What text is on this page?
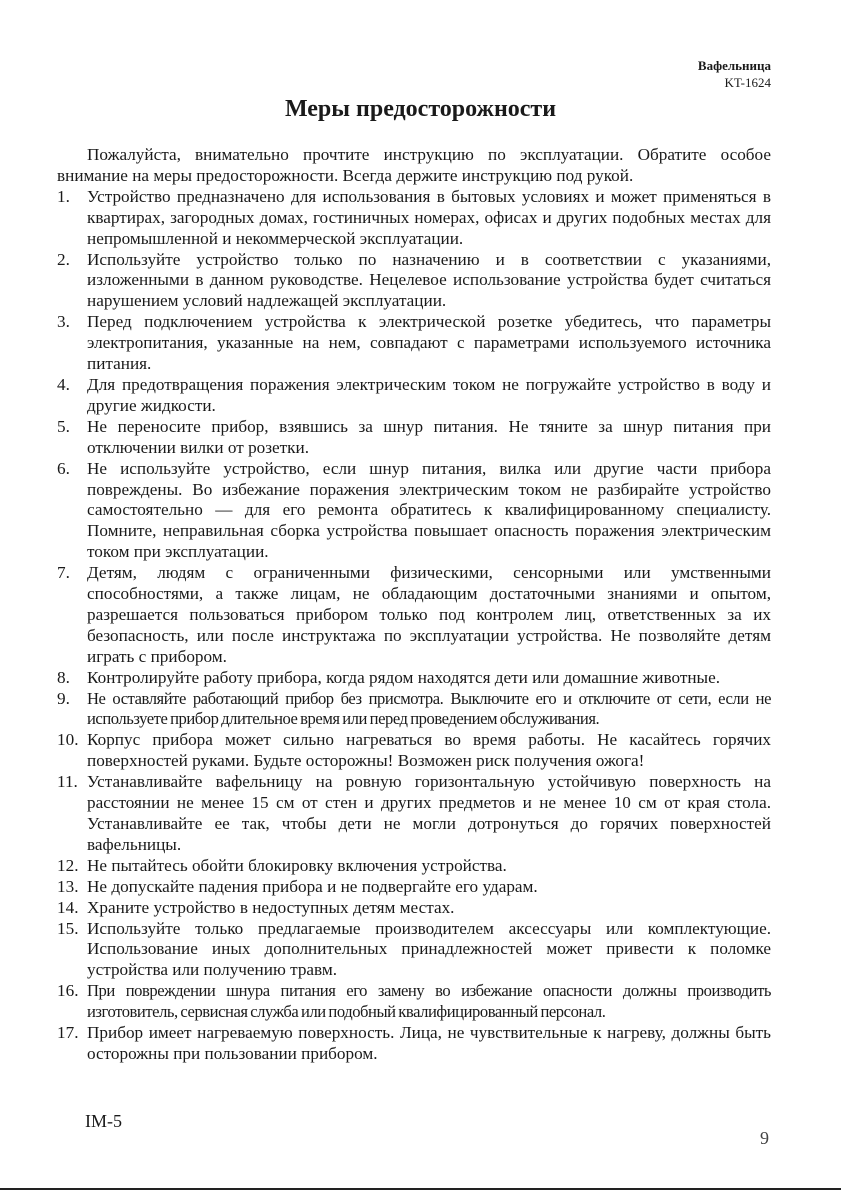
Вафельница
KT-1624
Меры предосторожности

Пожалуйста, внимательно прочтите инструкцию по эксплуатации. Обратите особое внимание на меры предосторожности. Всегда держите инструкцию под рукой.

1. Устройство предназначено для использования в бытовых условиях и может применяться в квартирах, загородных домах, гостиничных номерах, офисах и других подобных местах для непромышленной и некоммерческой эксплуатации.
2. Используйте устройство только по назначению и в соответствии с указаниями, изложенными в данном руководстве. Нецелевое использование устройства будет считаться нарушением условий надлежащей эксплуатации.
3. Перед подключением устройства к электрической розетке убедитесь, что параметры электропитания, указанные на нем, совпадают с параметрами используемого источника питания.
4. Для предотвращения поражения электрическим током не погружайте устройство в воду и другие жидкости.
5. Не переносите прибор, взявшись за шнур питания. Не тяните за шнур питания при отключении вилки от розетки.
6. Не используйте устройство, если шнур питания, вилка или другие части прибора повреждены. Во избежание поражения электрическим током не разбирайте устройство самостоятельно — для его ремонта обратитесь к квалифицированному специалисту. Помните, неправильная сборка устройства повышает опасность поражения электрическим током при эксплуатации.
7. Детям, людям с ограниченными физическими, сенсорными или умственными способностями, а также лицам, не обладающим достаточными знаниями и опытом, разрешается пользоваться прибором только под контролем лиц, ответственных за их безопасность, или после инструктажа по эксплуатации устройства. Не позволяйте детям играть с прибором.
8. Контролируйте работу прибора, когда рядом находятся дети или домашние животные.
9. Не оставляйте работающий прибор без присмотра. Выключите его и отключите от сети, если не используете прибор длительное время или перед проведением обслуживания.
10. Корпус прибора может сильно нагреваться во время работы. Не касайтесь горячих поверхностей руками. Будьте осторожны! Возможен риск получения ожога!
11. Устанавливайте вафельницу на ровную горизонтальную устойчивую поверхность на расстоянии не менее 15 см от стен и других предметов и не менее 10 см от края стола. Устанавливайте ее так, чтобы дети не могли дотронуться до горячих поверхностей вафельницы.
12. Не пытайтесь обойти блокировку включения устройства.
13. Не допускайте падения прибора и не подвергайте его ударам.
14. Храните устройство в недоступных детям местах.
15. Используйте только предлагаемые производителем аксессуары или комплектующие. Использование иных дополнительных принадлежностей может привести к поломке устройства или получению травм.
16. При повреждении шнура питания его замену во избежание опасности должны производить изготовитель, сервисная служба или подобный квалифицированный персонал.
17. Прибор имеет нагреваемую поверхность. Лица, не чувствительные к нагреву, должны быть осторожны при пользовании прибором.
IM-5
9
